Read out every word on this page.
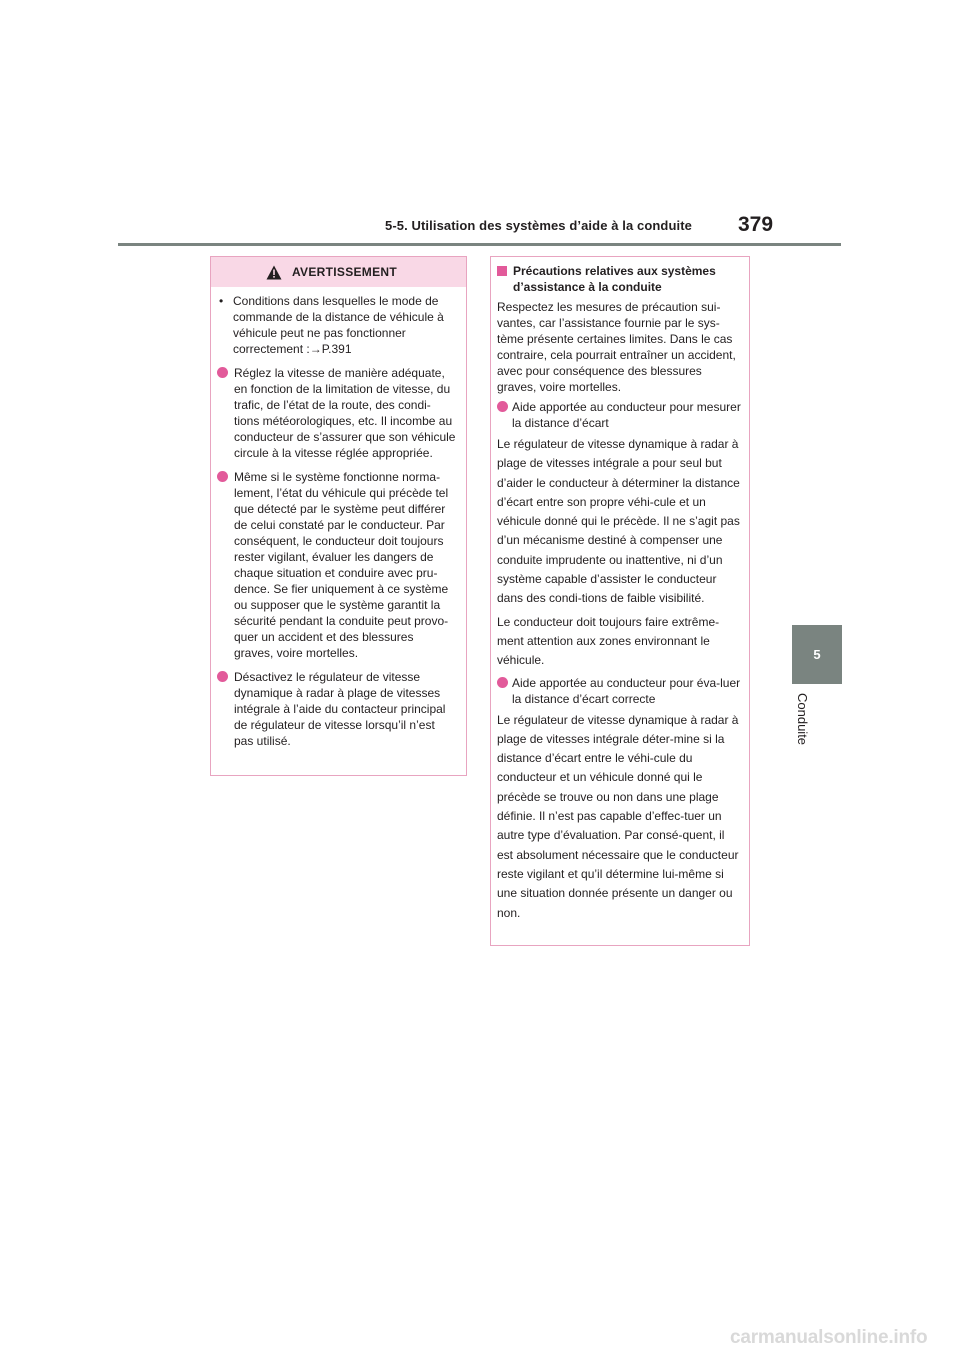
5-5. Utilisation des systèmes d’aide à la conduite 379
5
Conduite
AVERTISSEMENT
• Conditions dans lesquelles le mode de commande de la distance de véhicule à véhicule peut ne pas fonctionner correctement :→P.391
Réglez la vitesse de manière adéquate, en fonction de la limitation de vitesse, du trafic, de l’état de la route, des condi-tions météorologiques, etc. Il incombe au conducteur de s’assurer que son véhicule circule à la vitesse réglée appropriée.
Même si le système fonctionne norma-lement, l’état du véhicule qui précède tel que détecté par le système peut différer de celui constaté par le conducteur. Par conséquent, le conducteur doit toujours rester vigilant, évaluer les dangers de chaque situation et conduire avec pru-dence. Se fier uniquement à ce système ou supposer que le système garantit la sécurité pendant la conduite peut provo-quer un accident et des blessures graves, voire mortelles.
Désactivez le régulateur de vitesse dynamique à radar à plage de vitesses intégrale à l’aide du contacteur principal de régulateur de vitesse lorsqu’il n’est pas utilisé.
Précautions relatives aux systèmes d’assistance à la conduite

Respectez les mesures de précaution sui-vantes, car l’assistance fournie par le sys-tème présente certaines limites. Dans le cas contraire, cela pourrait entraîner un accident, avec pour conséquence des blessures graves, voire mortelles.

Aide apportée au conducteur pour mesurer la distance d’écart

Le régulateur de vitesse dynamique à radar à plage de vitesses intégrale a pour seul but d’aider le conducteur à déterminer la distance d’écart entre son propre véhi-cule et un véhicule donné qui le précède. Il ne s’agit pas d’un mécanisme destiné à compenser une conduite imprudente ou inattentive, ni d’un système capable d’assister le conducteur dans des condi-tions de faible visibilité.

Le conducteur doit toujours faire extrême-ment attention aux zones environnant le véhicule.

Aide apportée au conducteur pour éva-luer la distance d’écart correcte

Le régulateur de vitesse dynamique à radar à plage de vitesses intégrale déter-mine si la distance d’écart entre le véhi-cule du conducteur et un véhicule donné qui le précède se trouve ou non dans une plage définie. Il n’est pas capable d’effec-tuer un autre type d’évaluation. Par consé-quent, il est absolument nécessaire que le conducteur reste vigilant et qu’il détermine lui-même si une situation donnée présente un danger ou non.

carmanualsonline.info
